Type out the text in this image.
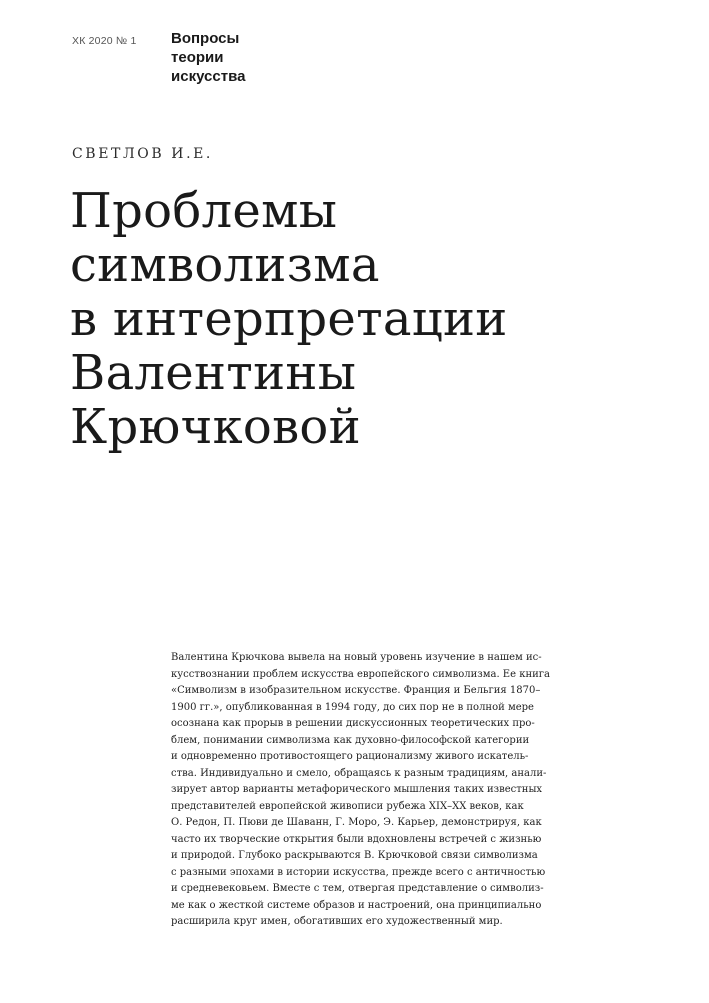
ХК 2020 № 1 Вопросы
теории
искусства
СВЕТЛОВ И.Е.
Проблемы
символизма
в интерпретации
Валентины
Крючковой
Валентина Крючкова вывела на новый уровень изучение в нашем ис-
кусствознании проблем искусства европейского символизма. Ее книга
«Символизм в изобразительном искусстве. Франция и Бельгия 1870–
1900 гг.», опубликованная в 1994 году, до сих пор не в полной мере
осознана как прорыв в решении дискуссионных теоретических про-
блем, понимании символизма как духовно-философской категории
и одновременно противостоящего рационализму живого искатель-
ства. Индивидуально и смело, обращаясь к разным традициям, анали-
зирует автор варианты метафорического мышления таких известных
представителей европейской живописи рубежа XIX–XX веков, как
О. Редон, П. Пюви де Шаванн, Г. Моро, Э. Карьер, демонстрируя, как
часто их творческие открытия были вдохновлены встречей с жизнью
и природой. Глубоко раскрываются В. Крючковой связи символизма
с разными эпохами в истории искусства, прежде всего с античностью
и средневековьем. Вместе с тем, отвергая представление о символиз-
ме как о жесткой системе образов и настроений, она принципиально
расширила круг имен, обогативших его художественный мир.
